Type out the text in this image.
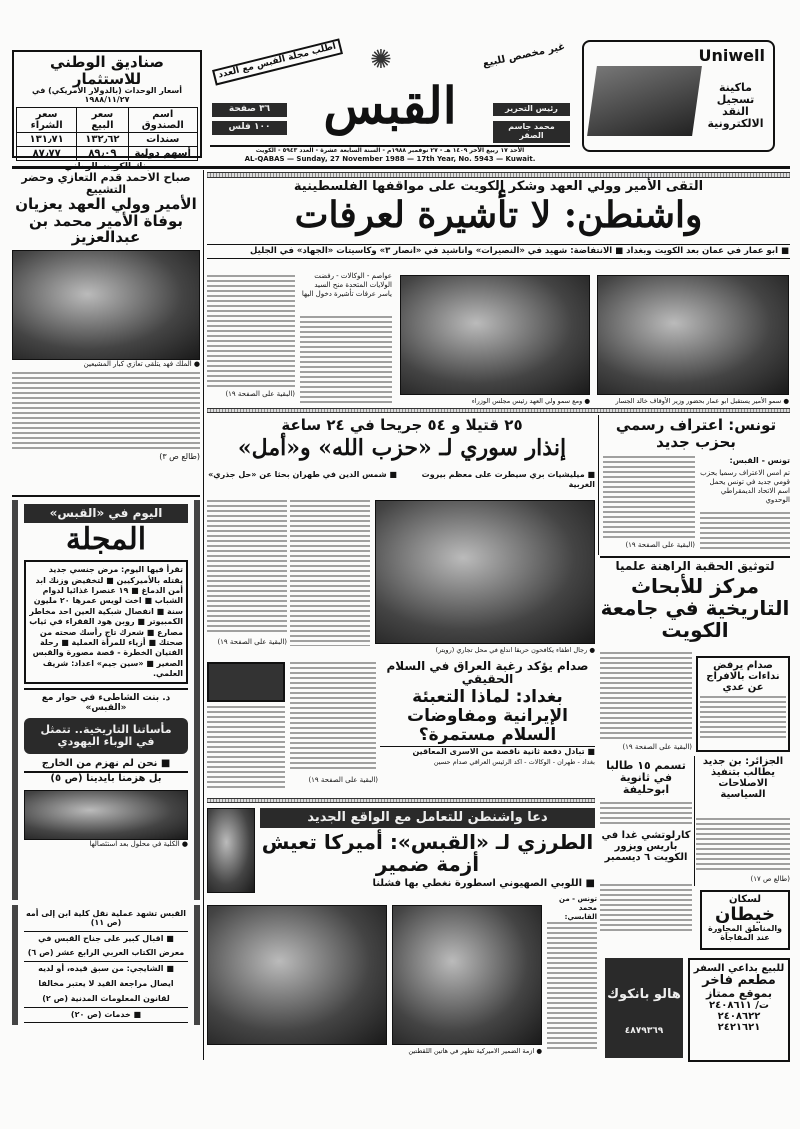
صناديق الوطني للاستثمار
أسعار الوحدات (بالدولار الأمريكي) في ١٩٨٨/١١/٢٧
اسم الصندوق	سعر البيع	سعر الشراء
سندات	١٣٢٫٦٢	١٣١٫٧١
أسهم دولية	٨٩٫٠٩	٨٧٫٧٧
✺
القبس
اطلب مجلة القبس مع العدد	غير مخصص للبيع
٣٦ صفحة
١٠٠ فلس
رئيس التحرير
محمد جاسم الصقر
الأحد ١٧ ربيع الآخر ١٤٠٩ هـ - ٢٧ نوفمبر ١٩٨٨م - السنة السابعة عشرة - العدد ٥٩٤٣ - الكويت
AL-QABAS — Sunday, 27 November 1988 — 17th Year, No. 5943 — Kuwait.
Uniwell
ماكينة تسجيل النقد الالكترونية
صباح الاحمد قدم التعازي وحضر التشييع
الأمير وولي العهد يعزيان بوفاة الأمير محمد بن عبدالعزيز
● الملك فهد يتلقى تعازي كبار المشيعين
(طالع ص ٣)
اليوم في «القبس»
المجلة
تقرأ فيها اليوم: مرض جنسي جديد يقتله بالأميركيين ■ لتخفيض وزنك ابد أمن الدماغ ■ ١٩ عنصرا غذائيا لدوام الشباب ■ اخت لويس عمرها ٢٠ مليون سنة ■ انفصال شبكية العين احد مخاطر الكمبيوتر ■ روبن هود الفقراء في ثياب مصارع ■ شعرك تاج رأسك صحته من صحتك ■ أزياء للمرأة العملية ■ رحلة الفتيان الخطرة - قصة مصورة والقبس الصغير ■ «سين جيم» اعداد: شريف العلمي.
د. بنت الشاطىء في حوار مع «القبس»
مأساتنا التاريخية.. تتمثل في الوباء اليهودي
■ نحن لم نهزم من الخارج
بل هزمنا بايدينا (ص ٥)
● الكلية في محلول بعد استئصالها
القبس تشهد عملية نقل كلية ابن إلى أمه (ص ١١)
■ اقبال كبير على جناح القبس في
معرض الكتاب العربي الرابع عشر (ص ٦)
■ الشايجي: من سبق قيده، أو لديه
ايصال مراجعة القيد لا يعتبر مخالفا
لقانون المعلومات المدنية (ص ٢)
■ خدمات (ص ٢٠)
التقى الأمير وولي العهد وشكر الكويت على مواقفها الفلسطينية
واشنطن: لا تأشيرة لعرفات
■ ابو عمار في عمان بعد الكويت وبغداد ■ الانتفاضة: شهيد في «النصيرات» واناشيد في «انصار ٣» وكاسيتات «الجهاد» في الجليل
● سمو الأمير يستقبل ابو عمار بحضور وزير الأوقاف خالد الجسار
● ومع سمو ولي العهد رئيس مجلس الوزراء
عواصم - الوكالات - رفضت الولايات المتحدة منح السيد ياسر عرفات تأشيرة دخول اليها
(البقية على الصفحة ١٩)
٢٥ قتيلا و ٥٤ جريحا في ٢٤ ساعة
إنذار سوري لـ «حزب الله» و«أمل»
■ ميليشيات بري سيطرت على معظم بيروت الغربية
■ شمس الدين في طهران بحثا عن «حل جذري»
● رجال اطفاء يكافحون حريقا اندلع في محل تجاري (رويتر)
(البقية على الصفحة ١٩)
تونس: اعتراف رسمي بحزب جديد
تونس - القبس:
تم امس الاعتراف رسميا بحزب قومي جديد في تونس يحمل اسم الاتحاد الديمقراطي الوحدوي
(البقية على الصفحة ١٩)
لتوثيق الحقبة الراهنة علميا
مركز للأبحاث التاريخية في جامعة الكويت
(البقية على الصفحة ١٩)
صدام يرفض نداءات بالافراج عن عدي
الجزائر: بن جديد يطالب بتنفيذ الاصلاحات السياسية
(طالع ص ١٧)
تسمم ١٥ طالبا في ثانوية ابوحليفة
كارلوتشي غدا في باريس ويزور الكويت ٦ ديسمبر
صدام يؤكد رغبة العراق في السلام الحقيقي
بغداد: لماذا التعبئة الإيرانية ومفاوضات السلام مستمرة؟
■ تبادل دفعة ثانية ناقصة من الاسرى المعاقين
بغداد - طهران - الوكالات - اكد الرئيس العراقي صدام حسين
(البقية على الصفحة ١٩)
دعا واشنطن للتعامل مع الواقع الجديد
الطرزي لـ «القبس»: أميركا تعيش أزمة ضمير
■ اللوبي الصهيوني اسطورة نغطي بها فشلنا
● ازمة الضمير الاميركية تظهر في هاتين اللقطتين
تونس - من محمد القابسي:
لسكان
خيطان
والمناطق المجاورة
عند المفاجأة
هالو بانكوك
٤٨٧٩٣٦٩
للبيع بداعي السفر
مطعم فاخر
بموقع ممتاز
ت/ ٢٤٠٨٦١١
٢٤٠٨٦٢٢
٢٤٢١٦٢١
